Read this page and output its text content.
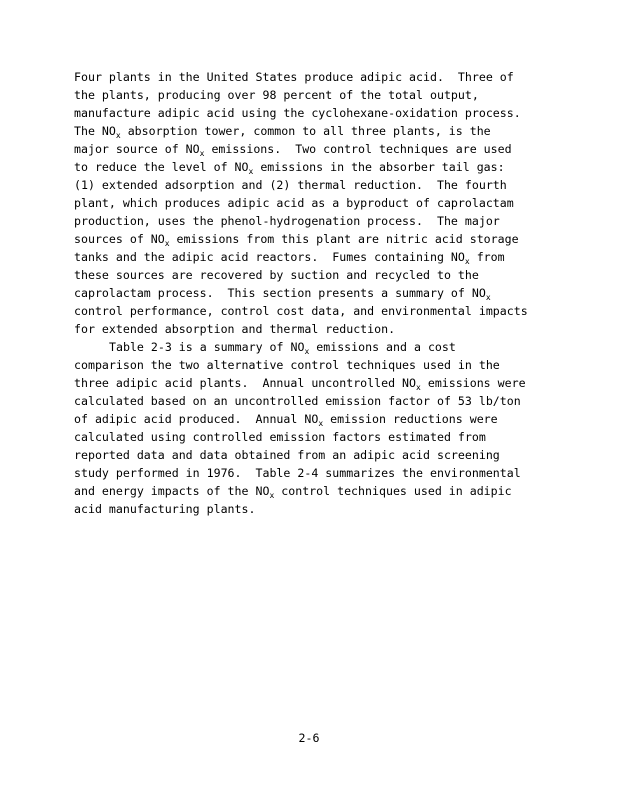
Four plants in the United States produce adipic acid.  Three of
the plants, producing over 98 percent of the total output,
manufacture adipic acid using the cyclohexane-oxidation process.
The $NO_x$ absorption tower, common to all three plants, is the
major source of $NO_x$ emissions.  Two control techniques are used
to reduce the level of $NO_x$ emissions in the absorber tail gas:
(1) extended adsorption and (2) thermal reduction.  The fourth
plant, which produces adipic acid as a byproduct of caprolactam
production, uses the phenol-hydrogenation process.  The major
sources of $NO_x$ emissions from this plant are nitric acid storage
tanks and the adipic acid reactors.  Fumes containing $NO_x$ from
these sources are recovered by suction and recycled to the
caprolactam process.  This section presents a summary of $NO_x$
control performance, control cost data, and environmental impacts
for extended absorption and thermal reduction.
Table 2-3 is a summary of $NO_x$ emissions and a cost
comparison the two alternative control techniques used in the
three adipic acid plants.  Annual uncontrolled $NO_x$ emissions were
calculated based on an uncontrolled emission factor of 53 lb/ton
of adipic acid produced.  Annual $NO_x$ emission reductions were
calculated using controlled emission factors estimated from
reported data and data obtained from an adipic acid screening
study performed in 1976.  Table 2-4 summarizes the environmental
and energy impacts of the $NO_x$ control techniques used in adipic
acid manufacturing plants.
2-6
